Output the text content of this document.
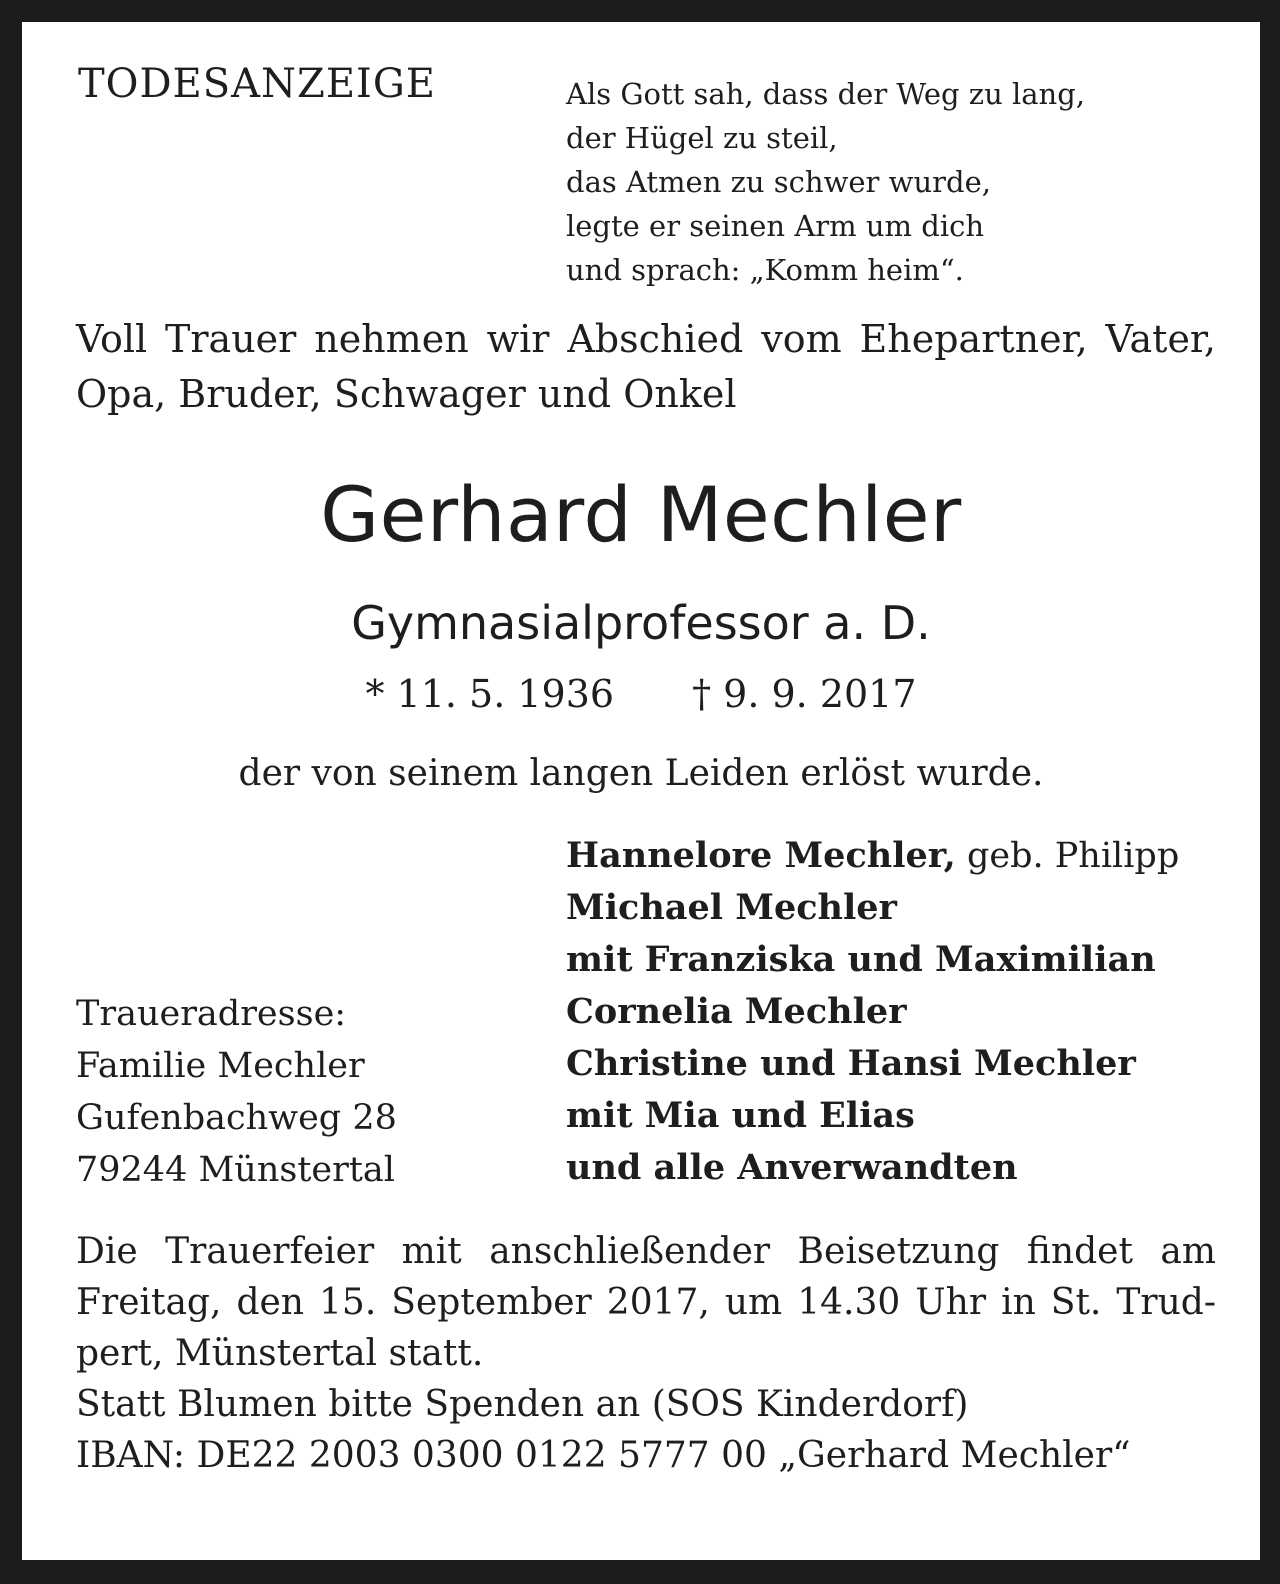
TODESANZEIGE	Als Gott sah, dass der Weg zu lang,
der Hügel zu steil,
das Atmen zu schwer wurde,
legte er seinen Arm um dich
und sprach: „Komm heim“.
Voll Trauer nehmen wir Abschied vom Ehepartner, Vater,
Opa, Bruder, Schwager und Onkel
Gerhard Mechler
Gymnasialprofessor a. D.
* 11. 5. 1936 † 9. 9. 2017
der von seinem langen Leiden erlöst wurde.
Hannelore Mechler, geb. Philipp
Michael Mechler
mit Franziska und Maximilian
Cornelia Mechler
Christine und Hansi Mechler
mit Mia und Elias
und alle Anverwandten
Traueradresse:
Familie Mechler
Gufenbachweg 28
79244 Münstertal
Die Trauerfeier mit anschließender Beisetzung findet am
Freitag, den 15. September 2017, um 14.30 Uhr in St. Trud-
pert, Münstertal statt.
Statt Blumen bitte Spenden an (SOS Kinderdorf)
IBAN: DE22 2003 0300 0122 5777 00 „Gerhard Mechler“
